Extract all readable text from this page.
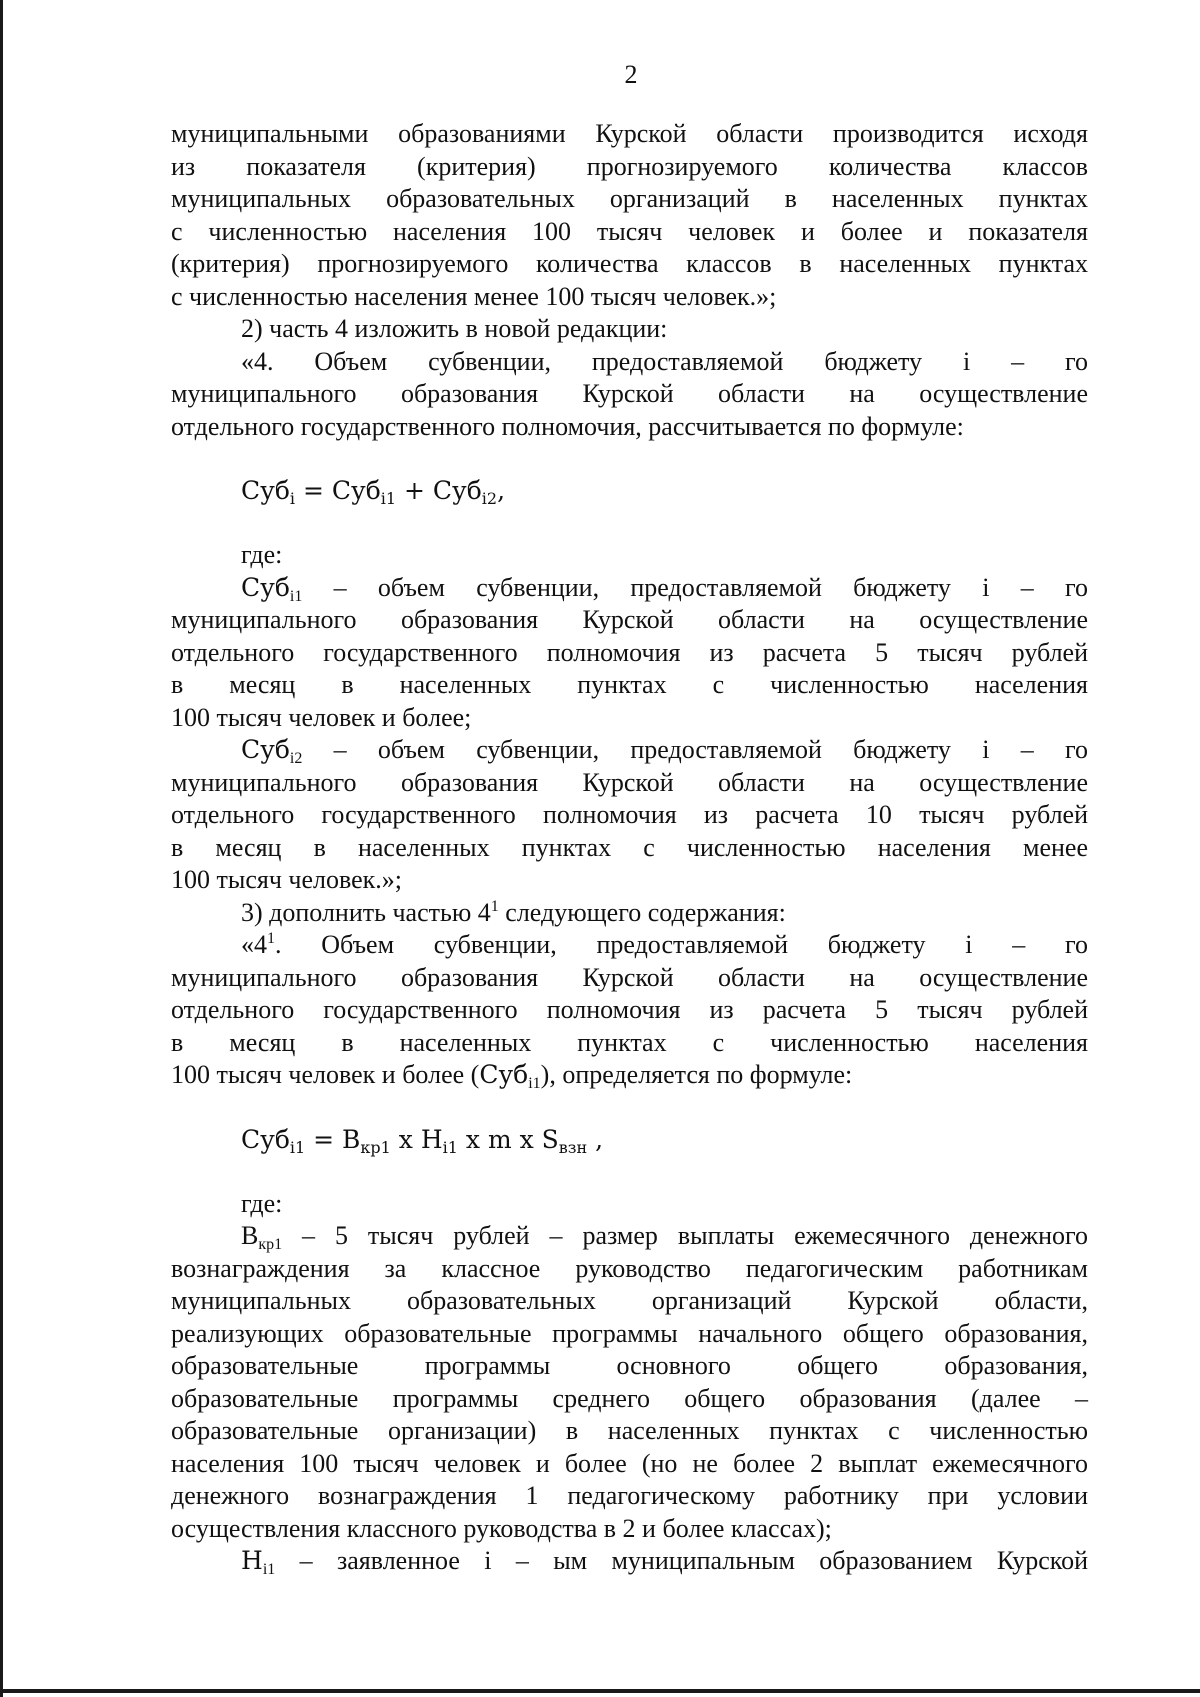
2
муниципальными образованиями Курской области производится исходя
из показателя (критерия) прогнозируемого количества классов
муниципальных образовательных организаций в населенных пунктах
с численностью населения 100 тысяч человек и более и показателя
(критерия) прогнозируемого количества классов в населенных пунктах
с численностью населения менее 100 тысяч человек.»;
2) часть 4 изложить в новой редакции:
«4. Объем субвенции, предоставляемой бюджету i – го
муниципального образования Курской области на осуществление
отдельного государственного полномочия, рассчитывается по формуле:
Суб$_i$ = Суб$_{i1}$ + Суб$_{i2}$,
где:
Суб$_{i1}$ – объем субвенции, предоставляемой бюджету i – го
муниципального образования Курской области на осуществление
отдельного государственного полномочия из расчета 5 тысяч рублей
в месяц в населенных пунктах с численностью населения
100 тысяч человек и более;
Суб$_{i2}$ – объем субвенции, предоставляемой бюджету i – го
муниципального образования Курской области на осуществление
отдельного государственного полномочия из расчета 10 тысяч рублей
в месяц в населенных пунктах с численностью населения менее
100 тысяч человек.»;
3) дополнить частью $4^1$ следующего содержания:
«$4^1$. Объем субвенции, предоставляемой бюджету i – го
муниципального образования Курской области на осуществление
отдельного государственного полномочия из расчета 5 тысяч рублей
в месяц в населенных пунктах с численностью населения
100 тысяч человек и более (Суб$_{i1}$), определяется по формуле:
$Суб_{i1} = В_{кр1}$ x $Н_{i1}$ x m x $S_{взн}$ ,
где:
$В_{кр1} - 5$ тысяч рублей – размер выплаты ежемесячного денежного
вознаграждения за классное руководство педагогическим работникам
муниципальных образовательных организаций Курской области,
реализующих образовательные программы начального общего образования,
образовательные программы основного общего образования,
образовательные программы среднего общего образования (далее –
образовательные организации) в населенных пунктах с численностью
населения 100 тысяч человек и более (но не более 2 выплат ежемесячного
денежного вознаграждения 1 педагогическому работнику при условии
осуществления классного руководства в 2 и более классах);
$Н_{i1}$ – заявленное i – ым муниципальным образованием Курской
